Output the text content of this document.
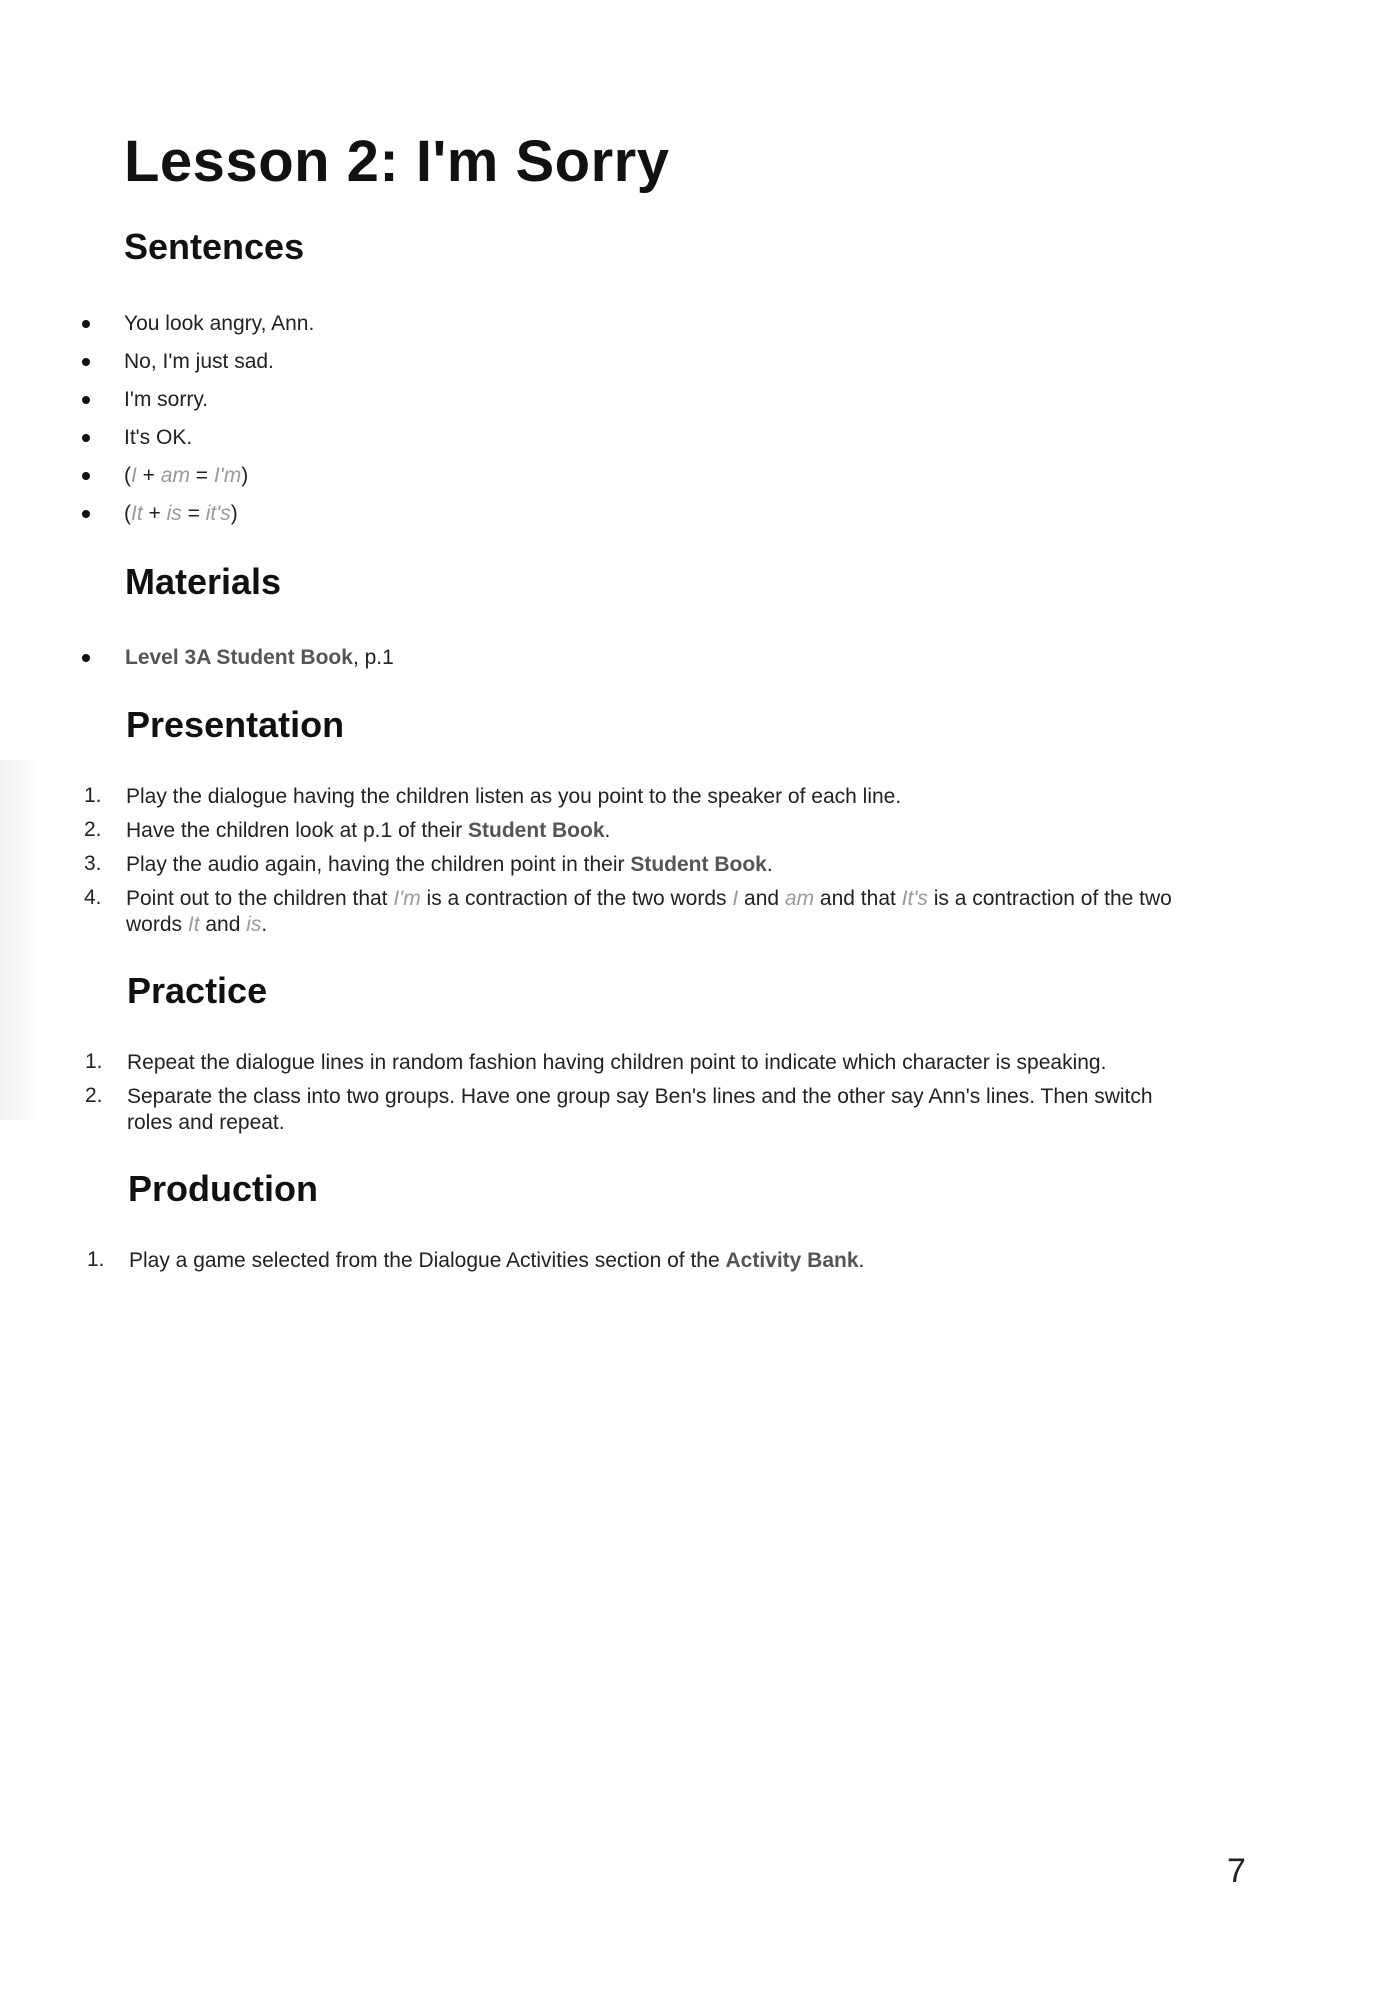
Lesson 2: I'm Sorry
Sentences
You look angry, Ann.
No, I'm just sad.
I'm sorry.
It's OK.
(I + am = I'm)
(It + is = it's)
Materials
Level 3A Student Book, p.1
Presentation
1. Play the dialogue having the children listen as you point to the speaker of each line.
2. Have the children look at p.1 of their Student Book.
3. Play the audio again, having the children point in their Student Book.
4. Point out to the children that I'm is a contraction of the two words I and am and that It's is a contraction of the two
words It and is.
Practice
1. Repeat the dialogue lines in random fashion having children point to indicate which character is speaking.
2. Separate the class into two groups. Have one group say Ben's lines and the other say Ann's lines. Then switch
roles and repeat.
Production
1. Play a game selected from the Dialogue Activities section of the Activity Bank.
7
